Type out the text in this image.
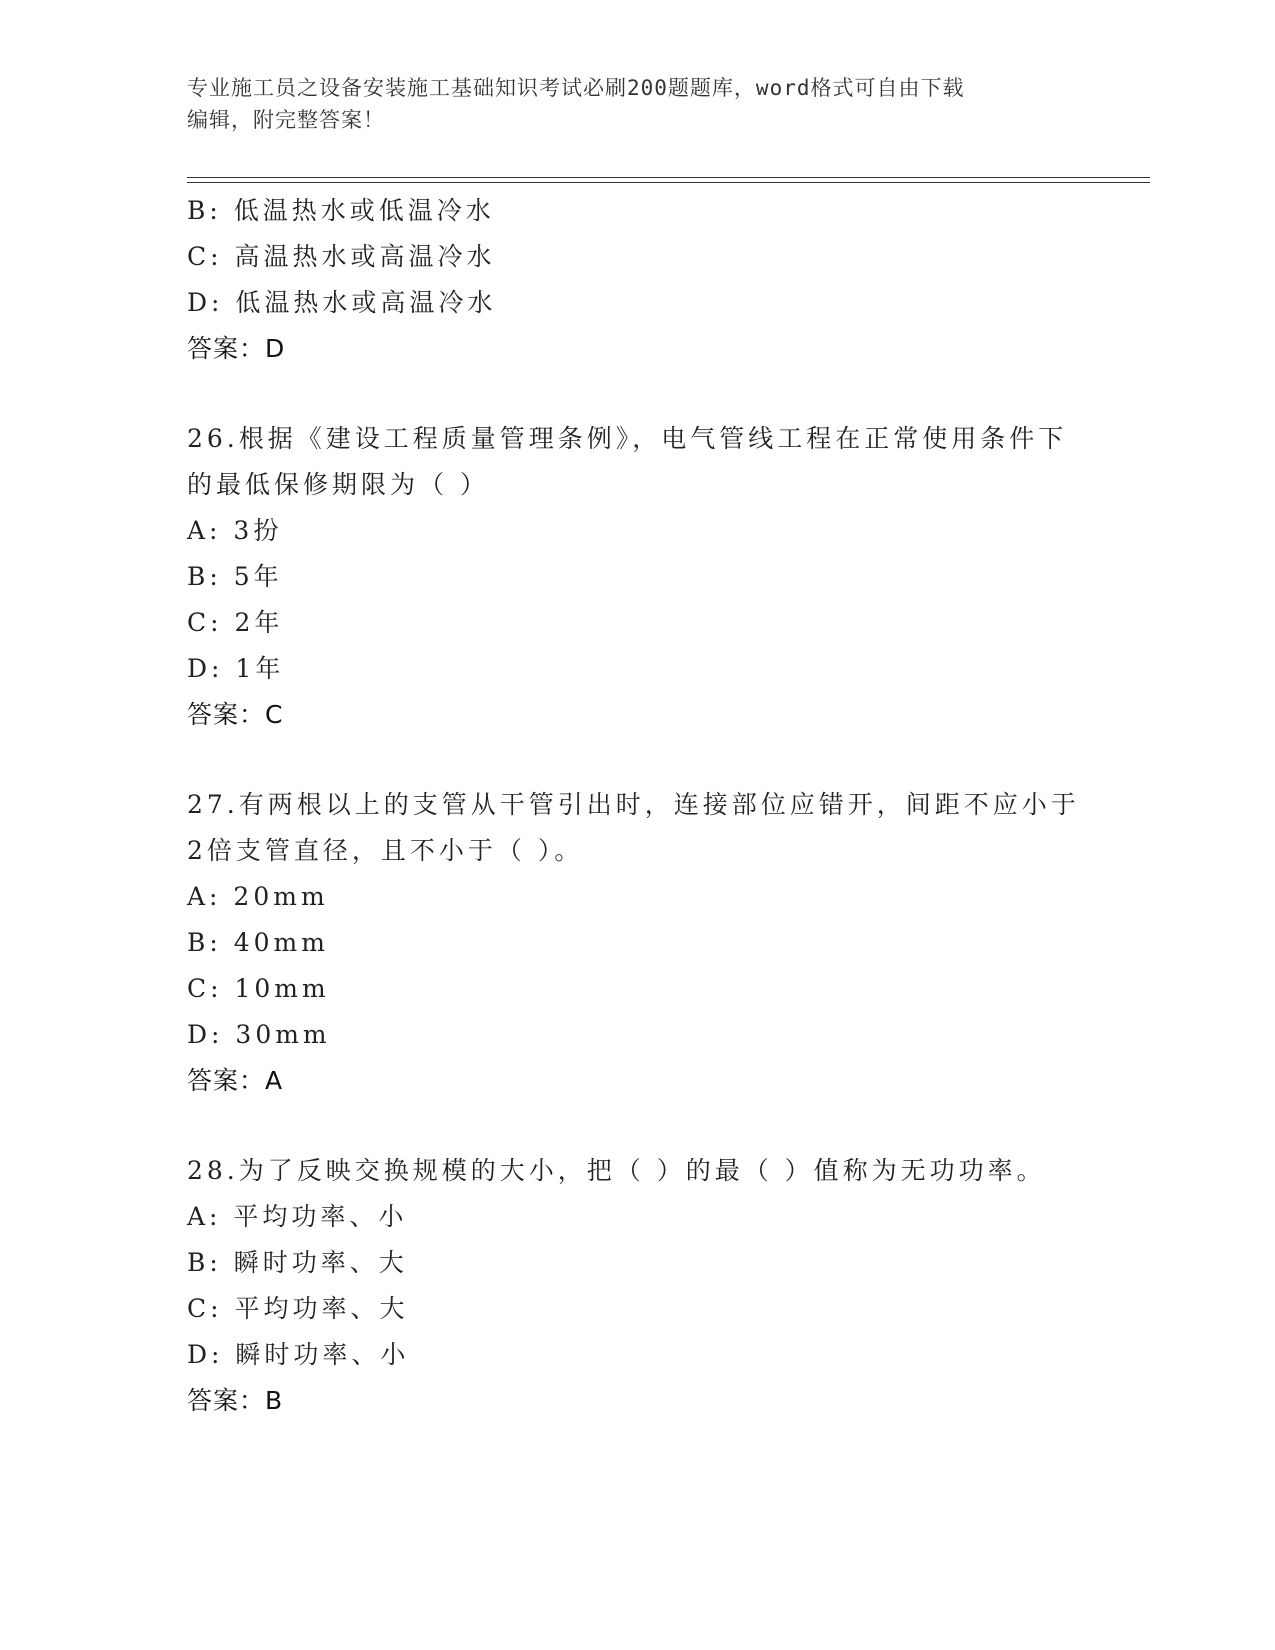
专业施工员之设备安装施工基础知识考试必刷200题题库，word格式可自由下载
编辑，附完整答案！
B: 低温热水或低温冷水
C: 高温热水或高温冷水
D: 低温热水或高温冷水
答案：D
26.根据《建设工程质量管理条例》，电气管线工程在正常使用条件下
的最低保修期限为（ ）
A: 3扮
B: 5年
C: 2年
D: 1年
答案：C
27.有两根以上的支管从干管引出时，连接部位应错开，间距不应小于
2倍支管直径，且不小于（ ）。
A: 20mm
B: 40mm
C: 10mm
D: 30mm
答案：A
28.为了反映交换规模的大小，把（ ）的最（ ）值称为无功功率。
A: 平均功率、小
B: 瞬时功率、大
C: 平均功率、大
D: 瞬时功率、小
答案：B
